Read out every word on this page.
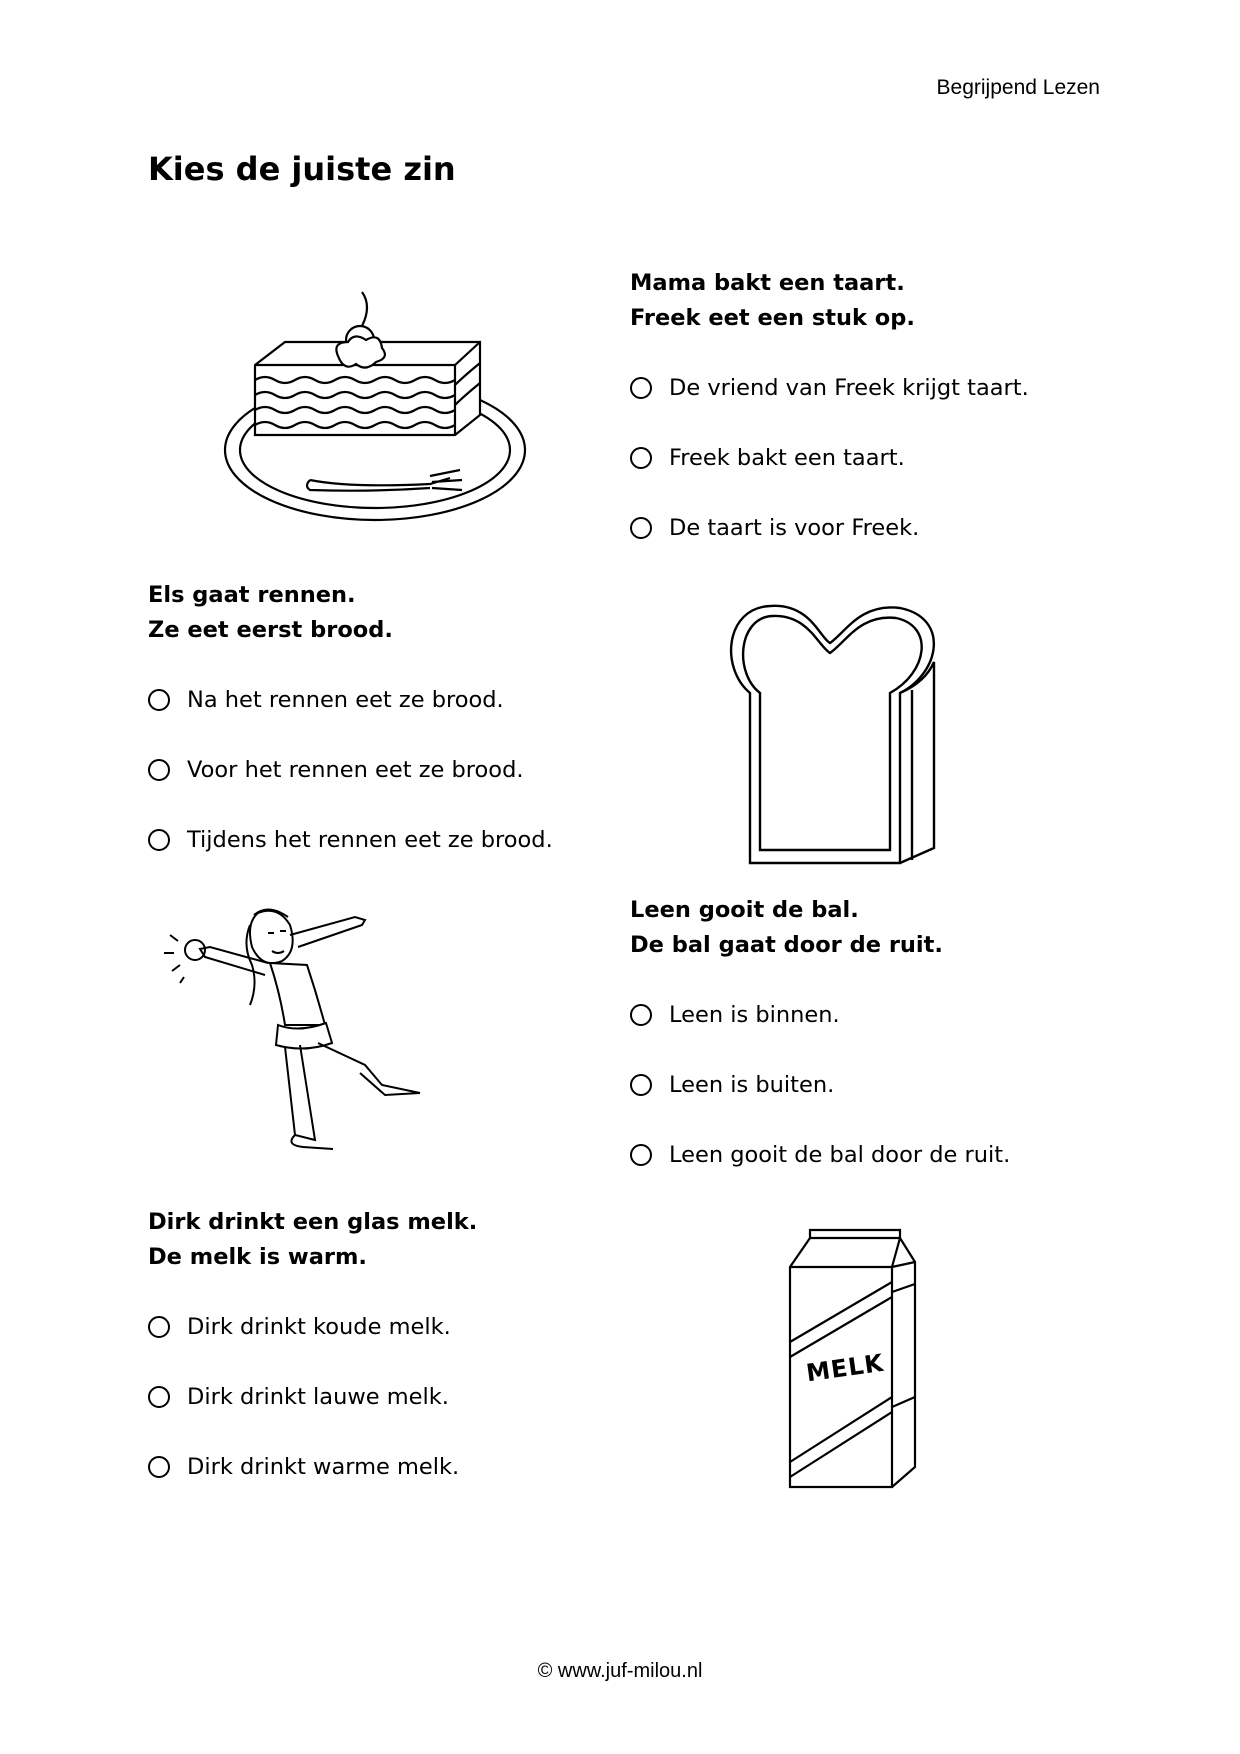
Begrijpend Lezen
Kies de juiste zin
Mama bakt een taart.
Freek eet een stuk op.
De vriend van Freek krijgt taart.
Freek bakt een taart.
De taart is voor Freek.
Els gaat rennen.
Ze eet eerst brood.
Na het rennen eet ze brood.
Voor het rennen eet ze brood.
Tijdens het rennen eet ze brood.
Leen gooit de bal.
De bal gaat door de ruit.
Leen is binnen.
Leen is buiten.
Leen gooit de bal door de ruit.
Dirk drinkt een glas melk.
De melk is warm.
Dirk drinkt koude melk.
Dirk drinkt lauwe melk.
Dirk drinkt warme melk.
MELK
© www.juf-milou.nl
